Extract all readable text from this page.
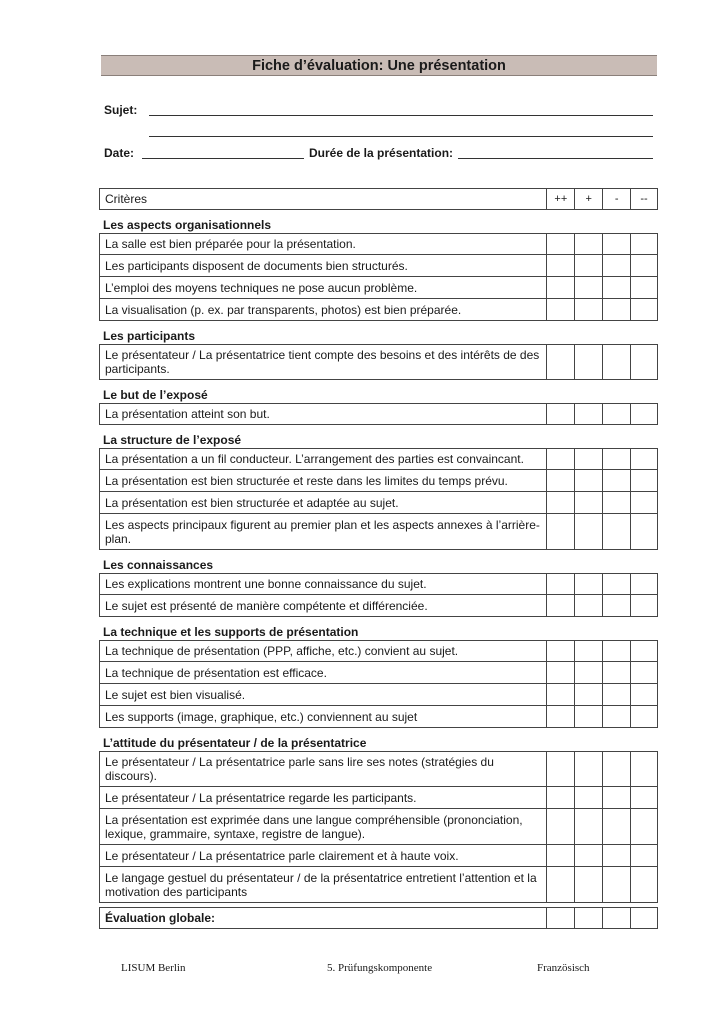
Fiche d’évaluation: Une présentation
Sujet:
Date:	Durée de la présentation:
Critères	++	+	-	--
Les aspects organisationnels
La salle est bien préparée pour la présentation.
Les participants disposent de documents bien structurés.
L’emploi des moyens techniques ne pose aucun problème.
La visualisation (p. ex. par transparents, photos) est bien préparée.
Les participants
Le présentateur / La présentatrice tient compte des besoins et des intérêts de des participants.
Le but de l’exposé
La présentation atteint son but.
La structure de l’exposé
La présentation a un fil conducteur. L’arrangement des parties est convaincant.
La présentation est bien structurée et reste dans les limites du temps prévu.
La présentation est bien structurée et adaptée au sujet.
Les aspects principaux figurent au premier plan et les aspects annexes à l’arrière-plan.
Les connaissances
Les explications montrent une bonne connaissance du sujet.
Le sujet est présenté de manière compétente et différenciée.
La technique et les supports de présentation
La technique de présentation (PPP, affiche, etc.) convient au sujet.
La technique de présentation est efficace.
Le sujet est bien visualisé.
Les supports (image, graphique, etc.) conviennent au sujet
L’attitude du présentateur / de la présentatrice
Le présentateur / La présentatrice parle sans lire ses notes (stratégies du discours).
Le présentateur / La présentatrice regarde les participants.
La présentation est exprimée dans une langue compréhensible (prononciation, lexique, grammaire, syntaxe, registre de langue).
Le présentateur / La présentatrice parle clairement et à haute voix.
Le langage gestuel du présentateur / de la présentatrice entretient l’attention et la motivation des participants
Évaluation globale:
LISUM Berlin	5. Prüfungskomponente	Französisch
